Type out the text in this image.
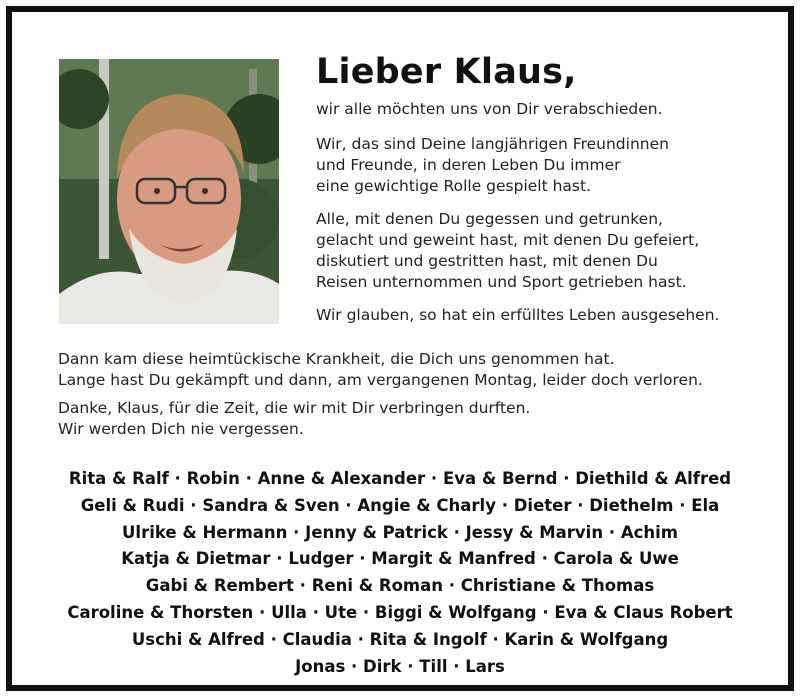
Lieber Klaus,

wir alle möchten uns von Dir verabschieden.

Wir, das sind Deine langjährigen Freundinnen
und Freunde, in deren Leben Du immer
eine gewichtige Rolle gespielt hast.

Alle, mit denen Du gegessen und getrunken,
gelacht und geweint hast, mit denen Du gefeiert,
diskutiert und gestritten hast, mit denen Du
Reisen unternommen und Sport getrieben hast.

Wir glauben, so hat ein erfülltes Leben ausgesehen.

Dann kam diese heimtückische Krankheit, die Dich uns genommen hat.
Lange hast Du gekämpft und dann, am vergangenen Montag, leider doch verloren.

Danke, Klaus, für die Zeit, die wir mit Dir verbringen durften.
Wir werden Dich nie vergessen.

Rita & Ralf · Robin · Anne & Alexander · Eva & Bernd · Diethild & Alfred
Geli & Rudi · Sandra & Sven · Angie & Charly · Dieter · Diethelm · Ela
Ulrike & Hermann · Jenny & Patrick · Jessy & Marvin · Achim
Katja & Dietmar · Ludger · Margit & Manfred · Carola & Uwe
Gabi & Rembert · Reni & Roman · Christiane & Thomas
Caroline & Thorsten · Ulla · Ute · Biggi & Wolfgang · Eva & Claus Robert
Uschi & Alfred · Claudia · Rita & Ingolf · Karin & Wolfgang
Jonas · Dirk · Till · Lars
